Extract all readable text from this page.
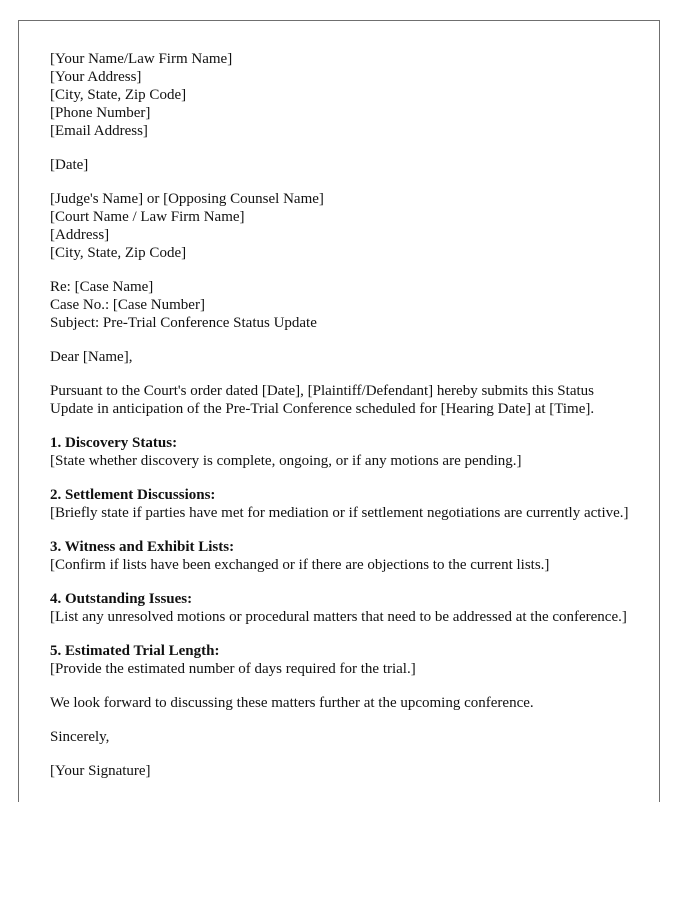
[Your Name/Law Firm Name]
[Your Address]
[City, State, Zip Code]
[Phone Number]
[Email Address]
[Date]
[Judge's Name] or [Opposing Counsel Name]
[Court Name / Law Firm Name]
[Address]
[City, State, Zip Code]
Re: [Case Name]
Case No.: [Case Number]
Subject: Pre-Trial Conference Status Update
Dear [Name],

Pursuant to the Court's order dated [Date], [Plaintiff/Defendant] hereby submits this Status Update in anticipation of the Pre-Trial Conference scheduled for [Hearing Date] at [Time].

1. Discovery Status:
[State whether discovery is complete, ongoing, or if any motions are pending.]
2. Settlement Discussions:
[Briefly state if parties have met for mediation or if settlement negotiations are currently active.]
3. Witness and Exhibit Lists:
[Confirm if lists have been exchanged or if there are objections to the current lists.]
4. Outstanding Issues:
[List any unresolved motions or procedural matters that need to be addressed at the conference.]
5. Estimated Trial Length:
[Provide the estimated number of days required for the trial.]

We look forward to discussing these matters further at the upcoming conference.

Sincerely,
[Your Signature]
